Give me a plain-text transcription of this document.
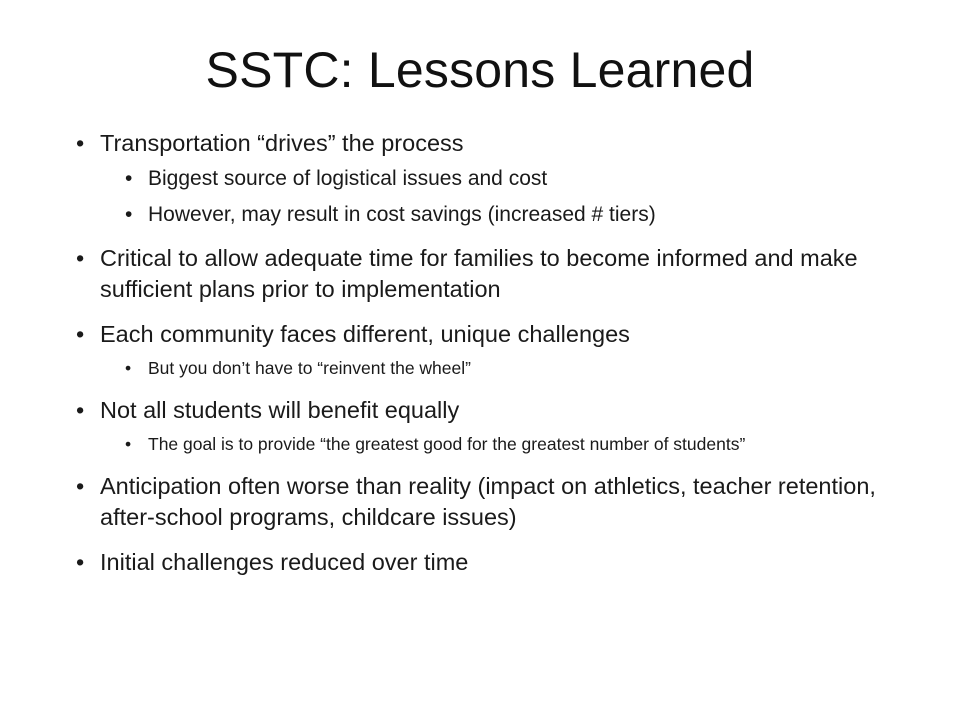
SSTC: Lessons Learned
• Transportation “drives” the process
• Biggest source of logistical issues and cost
• However, may result in cost savings (increased # tiers)
• Critical to allow adequate time for families to become informed and make sufficient plans prior to implementation
• Each community faces different, unique challenges
• But you don’t have to “reinvent the wheel”
• Not all students will benefit equally
• The goal is to provide “the greatest good for the greatest number of students”
• Anticipation often worse than reality (impact on athletics, teacher retention, after-school programs, childcare issues)
• Initial challenges reduced over time
